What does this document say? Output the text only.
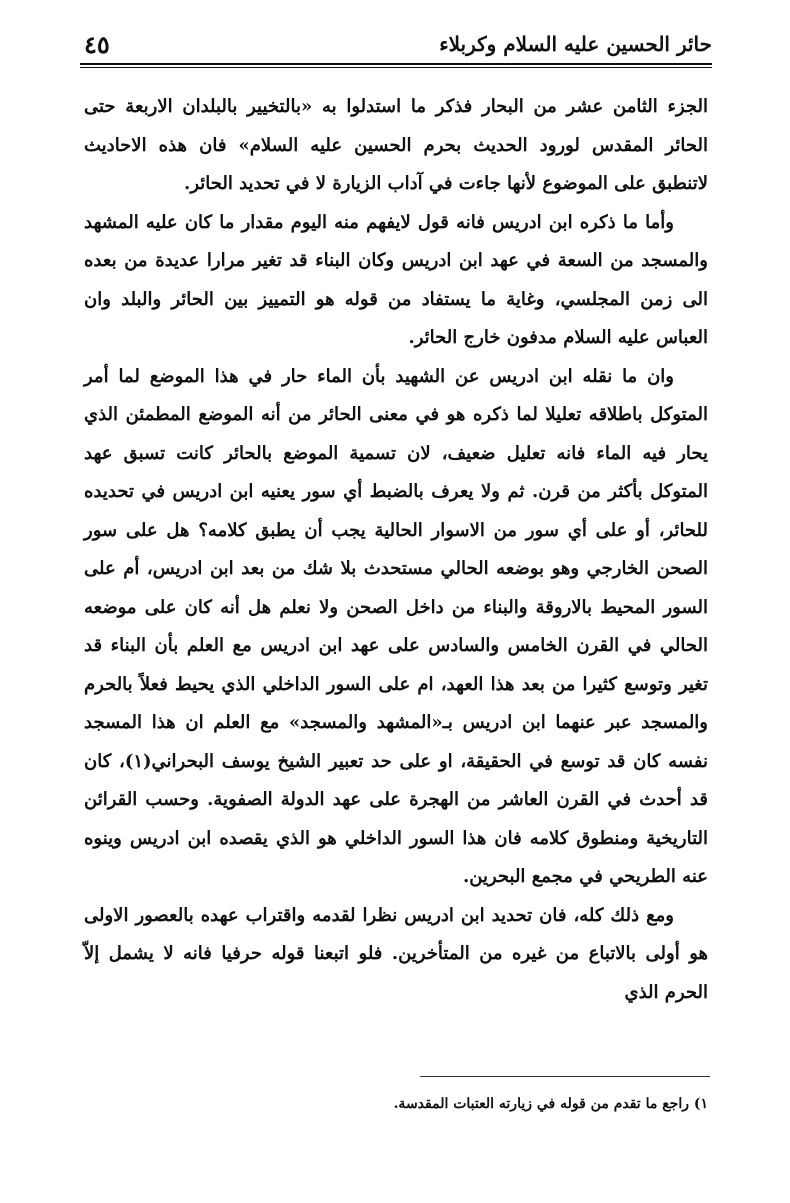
حائر الحسين عليه السلام وكربلاء
٤٥

الجزء الثامن عشر من البحار فذكر ما استدلوا به «بالتخيير بالبلدان الاربعة حتى الحائر المقدس لورود الحديث بحرم الحسين عليه السلام» فان هذه الاحاديث لاتنطبق على الموضوع لأنها جاءت في آداب الزيارة لا في تحديد الحائر.

وأما ما ذكره ابن ادريس فانه قول لايفهم منه اليوم مقدار ما كان عليه المشهد والمسجد من السعة في عهد ابن ادريس وكان البناء قد تغير مرارا عديدة من بعده الى زمن المجلسي، وغاية ما يستفاد من قوله هو التمييز بين الحائر والبلد وان العباس عليه السلام مدفون خارج الحائر.

وان ما نقله ابن ادريس عن الشهيد بأن الماء حار في هذا الموضع لما أمر المتوكل باطلاقه تعليلا لما ذكره هو في معنى الحائر من أنه الموضع المطمئن الذي يحار فيه الماء فانه تعليل ضعيف، لان تسمية الموضع بالحائر كانت تسبق عهد المتوكل بأكثر من قرن. ثم ولا يعرف بالضبط أي سور يعنيه ابن ادريس في تحديده للحائر، أو على أي سور من الاسوار الحالية يجب أن يطبق كلامه؟ هل على سور الصحن الخارجي وهو بوضعه الحالي مستحدث بلا شك من بعد ابن ادريس، أم على السور المحيط بالاروقة والبناء من داخل الصحن ولا نعلم هل أنه كان على موضعه الحالي في القرن الخامس والسادس على عهد ابن ادريس مع العلم بأن البناء قد تغير وتوسع كثيرا من بعد هذا العهد، ام على السور الداخلي الذي يحيط فعلاً بالحرم والمسجد عبر عنهما ابن ادريس بـ«المشهد والمسجد» مع العلم ان هذا المسجد نفسه كان قد توسع في الحقيقة، او على حد تعبير الشيخ يوسف البحراني(١)، كان قد أحدث في القرن العاشر من الهجرة على عهد الدولة الصفوية. وحسب القرائن التاريخية ومنطوق كلامه فان هذا السور الداخلي هو الذي يقصده ابن ادريس وينوه عنه الطريحي في مجمع البحرين.

ومع ذلك كله، فان تحديد ابن ادريس نظرا لقدمه واقتراب عهده بالعصور الاولى هو أولى بالاتباع من غيره من المتأخرين. فلو اتبعنا قوله حرفيا فانه لا يشمل إلاّ الحرم الذي

١) راجع ما تقدم من قوله في زيارته العتبات المقدسة.
